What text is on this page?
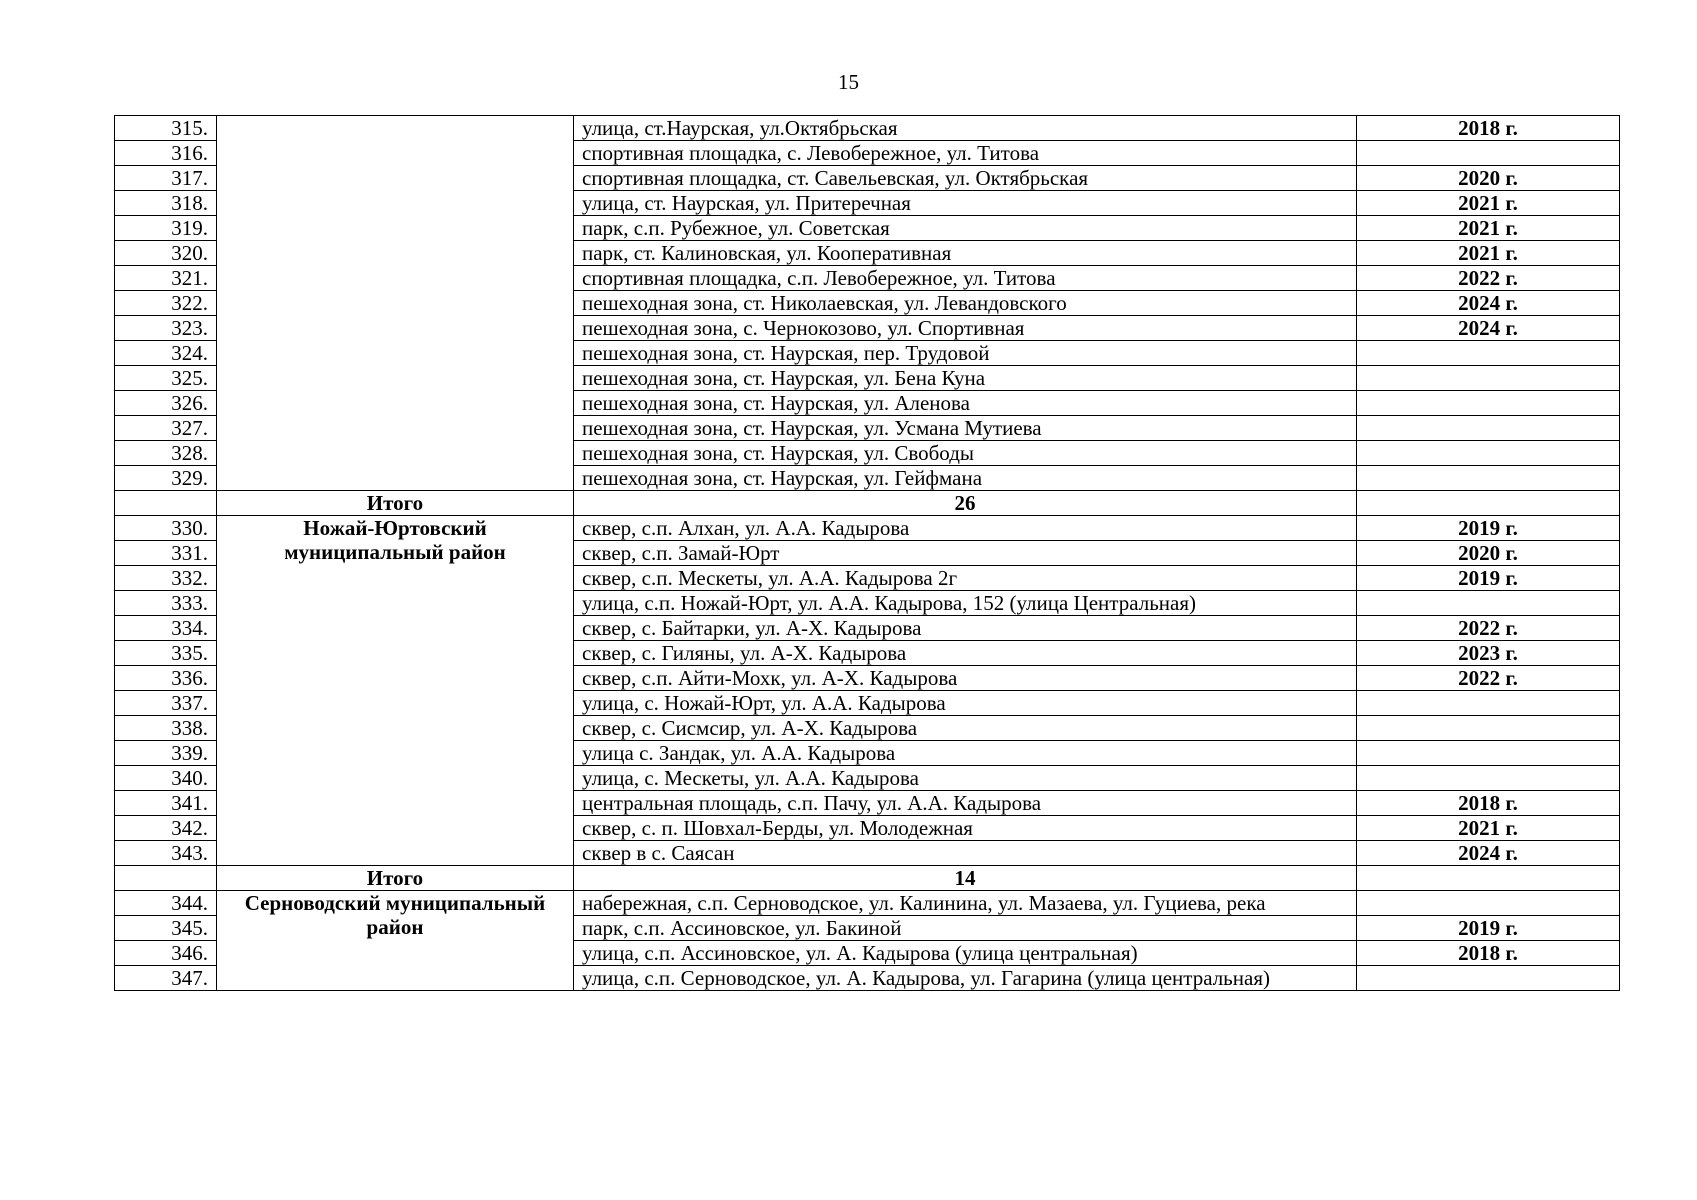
15
315.		улица, ст.Наурская, ул.Октябрьская	2018 г.
316.		спортивная площадка, с. Левобережное, ул. Титова	
317.		спортивная площадка, ст. Савельевская, ул. Октябрьская	2020 г.
318.		улица, ст. Наурская, ул. Притеречная	2021 г.
319.		парк, с.п. Рубежное, ул. Советская	2021 г.
320.		парк, ст. Калиновская, ул. Кооперативная	2021 г.
321.		спортивная площадка, с.п. Левобережное, ул. Титова	2022 г.
322.		пешеходная зона, ст. Николаевская, ул. Левандовского	2024 г.
323.		пешеходная зона, с. Чернокозово, ул. Спортивная	2024 г.
324.		пешеходная зона, ст. Наурская, пер. Трудовой	
325.		пешеходная зона, ст. Наурская, ул. Бена Куна	
326.		пешеходная зона, ст. Наурская, ул. Аленова	
327.		пешеходная зона, ст. Наурская, ул. Усмана Мутиева	
328.		пешеходная зона, ст. Наурская, ул. Свободы	
329.		пешеходная зона, ст. Наурская, ул. Гейфмана	
	Итого	26	
330.	Ножай-Юртовский муниципальный район	сквер, с.п. Алхан, ул. А.А. Кадырова	2019 г.
331.		сквер, с.п. Замай-Юрт	2020 г.
332.		сквер, с.п. Мескеты, ул. А.А. Кадырова 2г	2019 г.
333.		улица, с.п. Ножай-Юрт, ул. А.А. Кадырова, 152 (улица Центральная)	
334.		сквер, с. Байтарки, ул. А-Х. Кадырова	2022 г.
335.		сквер, с. Гиляны, ул. А-Х. Кадырова	2023 г.
336.		сквер, с.п. Айти-Мохк, ул. А-Х. Кадырова	2022 г.
337.		улица, с. Ножай-Юрт, ул. А.А. Кадырова	
338.		сквер, с. Сисмсир, ул. А-Х. Кадырова	
339.		улица с. Зандак, ул. А.А. Кадырова	
340.		улица, с. Мескеты, ул. А.А. Кадырова	
341.		центральная площадь, с.п. Пачу, ул. А.А. Кадырова	2018 г.
342.		сквер, с. п. Шовхал-Берды, ул. Молодежная	2021 г.
343.		сквер в с. Саясан	2024 г.
	Итого	14	
344.	Серноводский муниципальный район	набережная, с.п. Серноводское, ул. Калинина, ул. Мазаева, ул. Гуциева, река	
345.		парк, с.п. Ассиновское, ул. Бакиной	2019 г.
346.		улица, с.п. Ассиновское, ул. А. Кадырова (улица центральная)	2018 г.
347.		улица, с.п. Серноводское, ул. А. Кадырова, ул. Гагарина (улица центральная)	
